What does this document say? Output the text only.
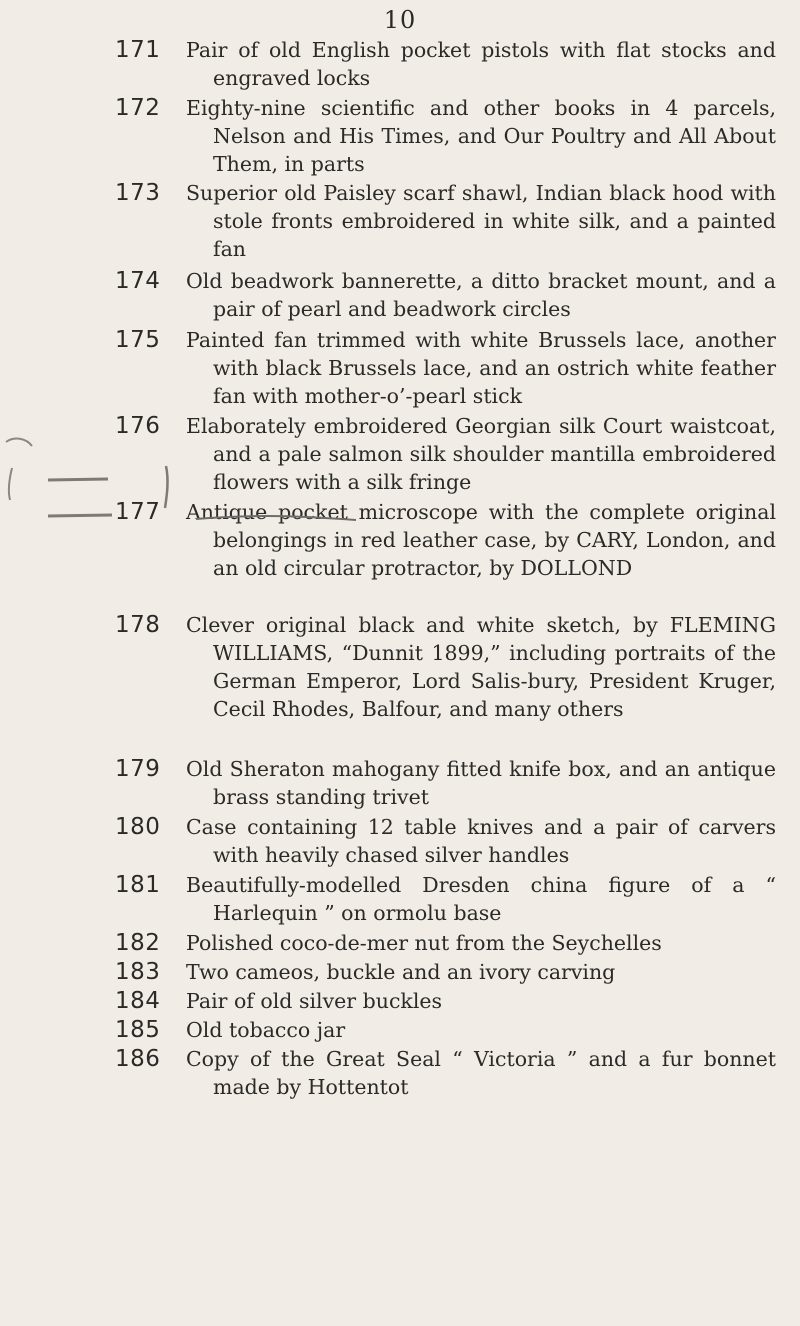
10
171	Pair of old English pocket pistols with flat stocks and engraved locks
172	Eighty-nine scientific and other books in 4 parcels, Nelson and His Times, and Our Poultry and All About Them, in parts
173	Superior old Paisley scarf shawl, Indian black hood with stole fronts embroidered in white silk, and a painted fan
174	Old beadwork bannerette, a ditto bracket mount, and a pair of pearl and beadwork circles
175	Painted fan trimmed with white Brussels lace, another with black Brussels lace, and an ostrich white feather fan with mother-o’-pearl stick
176	Elaborately embroidered Georgian silk Court waistcoat, and a pale salmon silk shoulder mantilla embroidered flowers with a silk fringe
177	Antique pocket microscope with the complete original belongings in red leather case, by CARY, London, and an old circular protractor, by DOLLOND
178	Clever original black and white sketch, by FLEMING WILLIAMS, “Dunnit 1899,” including portraits of the German Emperor, Lord Salis-bury, President Kruger, Cecil Rhodes, Balfour, and many others
179	Old Sheraton mahogany fitted knife box, and an antique brass standing trivet
180	Case containing 12 table knives and a pair of carvers with heavily chased silver handles
181	Beautifully-modelled Dresden china figure of a “ Harlequin ” on ormolu base
182	Polished coco-de-mer nut from the Seychelles
183	Two cameos, buckle and an ivory carving
184	Pair of old silver buckles
185	Old tobacco jar
186	Copy of the Great Seal “ Victoria ” and a fur bonnet made by Hottentot
